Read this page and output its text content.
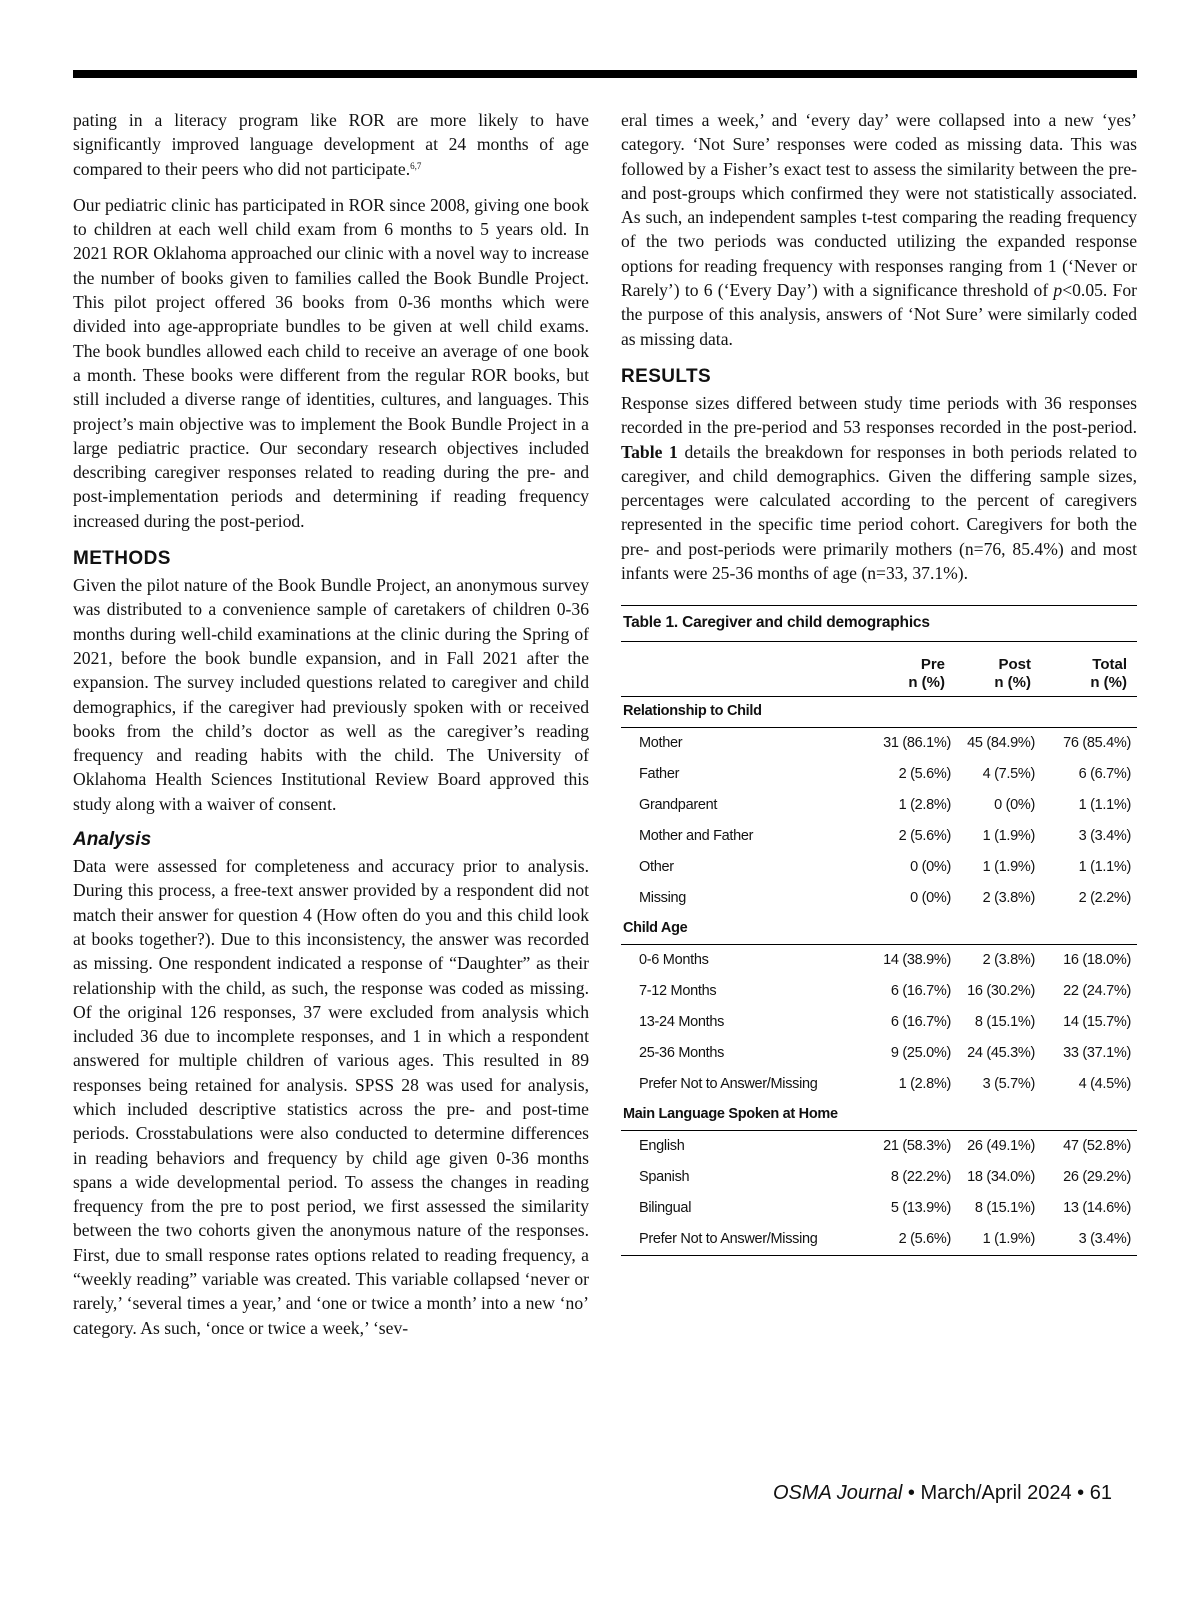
pating in a literacy program like ROR are more likely to have significantly improved language development at 24 months of age compared to their peers who did not participate.$^{6,7}$

Our pediatric clinic has participated in ROR since 2008, giving one book to children at each well child exam from 6 months to 5 years old. In 2021 ROR Oklahoma approached our clinic with a novel way to increase the number of books given to families called the Book Bundle Project. This pilot project offered 36 books from 0-36 months which were divided into age-appropriate bundles to be given at well child exams. The book bundles allowed each child to receive an average of one book a month. These books were different from the regular ROR books, but still included a diverse range of identities, cultures, and languages. This project’s main objective was to implement the Book Bundle Project in a large pediatric practice. Our secondary research objectives included describing caregiver responses related to reading during the pre- and post-implementation periods and determining if reading frequency increased during the post-period.

METHODS

Given the pilot nature of the Book Bundle Project, an anonymous survey was distributed to a convenience sample of caretakers of children 0-36 months during well-child examinations at the clinic during the Spring of 2021, before the book bundle expansion, and in Fall 2021 after the expansion. The survey included questions related to caregiver and child demographics, if the caregiver had previously spoken with or received books from the child’s doctor as well as the caregiver’s reading frequency and reading habits with the child. The University of Oklahoma Health Sciences Institutional Review Board approved this study along with a waiver of consent.

Analysis

Data were assessed for completeness and accuracy prior to analysis. During this process, a free-text answer provided by a respondent did not match their answer for question 4 (How often do you and this child look at books together?). Due to this inconsistency, the answer was recorded as missing. One respondent indicated a response of “Daughter” as their relationship with the child, as such, the response was coded as missing. Of the original 126 responses, 37 were excluded from analysis which included 36 due to incomplete responses, and 1 in which a respondent answered for multiple children of various ages. This resulted in 89 responses being retained for analysis. SPSS 28 was used for analysis, which included descriptive statistics across the pre- and post-time periods. Crosstabulations were also conducted to determine differences in reading behaviors and frequency by child age given 0-36 months spans a wide developmental period. To assess the changes in reading frequency from the pre to post period, we first assessed the similarity between the two cohorts given the anonymous nature of the responses. First, due to small response rates options related to reading frequency, a “weekly reading” variable was created. This variable collapsed ‘never or rarely,’ ‘several times a year,’ and ‘one or twice a month’ into a new ‘no’ category. As such, ‘once or twice a week,’ ‘sev-

eral times a week,’ and ‘every day’ were collapsed into a new ‘yes’ category. ‘Not Sure’ responses were coded as missing data. This was followed by a Fisher’s exact test to assess the similarity between the pre- and post-groups which confirmed they were not statistically associated. As such, an independent samples t-test comparing the reading frequency of the two periods was conducted utilizing the expanded response options for reading frequency with responses ranging from 1 (‘Never or Rarely’) to 6 (‘Every Day’) with a significance threshold of p<0.05. For the purpose of this analysis, answers of ‘Not Sure’ were similarly coded as missing data.

RESULTS

Response sizes differed between study time periods with 36 responses recorded in the pre-period and 53 responses recorded in the post-period. Table 1 details the breakdown for responses in both periods related to caregiver, and child demographics. Given the differing sample sizes, percentages were calculated according to the percent of caregivers represented in the specific time period cohort. Caregivers for both the pre- and post-periods were primarily mothers (n=76, 85.4%) and most infants were 25-36 months of age (n=33, 37.1%).

Table 1. Caregiver and child demographics
	Pre
n (%)	Post
n (%)	Total
n (%)
Relationship to Child			
Mother	31 (86.1%)	45 (84.9%)	76 (85.4%)
Father	2 (5.6%)	4 (7.5%)	6 (6.7%)
Grandparent	1 (2.8%)	0 (0%)	1 (1.1%)
Mother and Father	2 (5.6%)	1 (1.9%)	3 (3.4%)
Other	0 (0%)	1 (1.9%)	1 (1.1%)
Missing	0 (0%)	2 (3.8%)	2 (2.2%)
Child Age			
0-6 Months	14 (38.9%)	2 (3.8%)	16 (18.0%)
7-12 Months	6 (16.7%)	16 (30.2%)	22 (24.7%)
13-24 Months	6 (16.7%)	8 (15.1%)	14 (15.7%)
25-36 Months	9 (25.0%)	24 (45.3%)	33 (37.1%)
Prefer Not to Answer/Missing	1 (2.8%)	3 (5.7%)	4 (4.5%)
Main Language Spoken at Home			
English	21 (58.3%)	26 (49.1%)	47 (52.8%)
Spanish	8 (22.2%)	18 (34.0%)	26 (29.2%)
Bilingual	5 (13.9%)	8 (15.1%)	13 (14.6%)
Prefer Not to Answer/Missing	2 (5.6%)	1 (1.9%)	3 (3.4%)
OSMA Journal • March/April 2024 • 61
